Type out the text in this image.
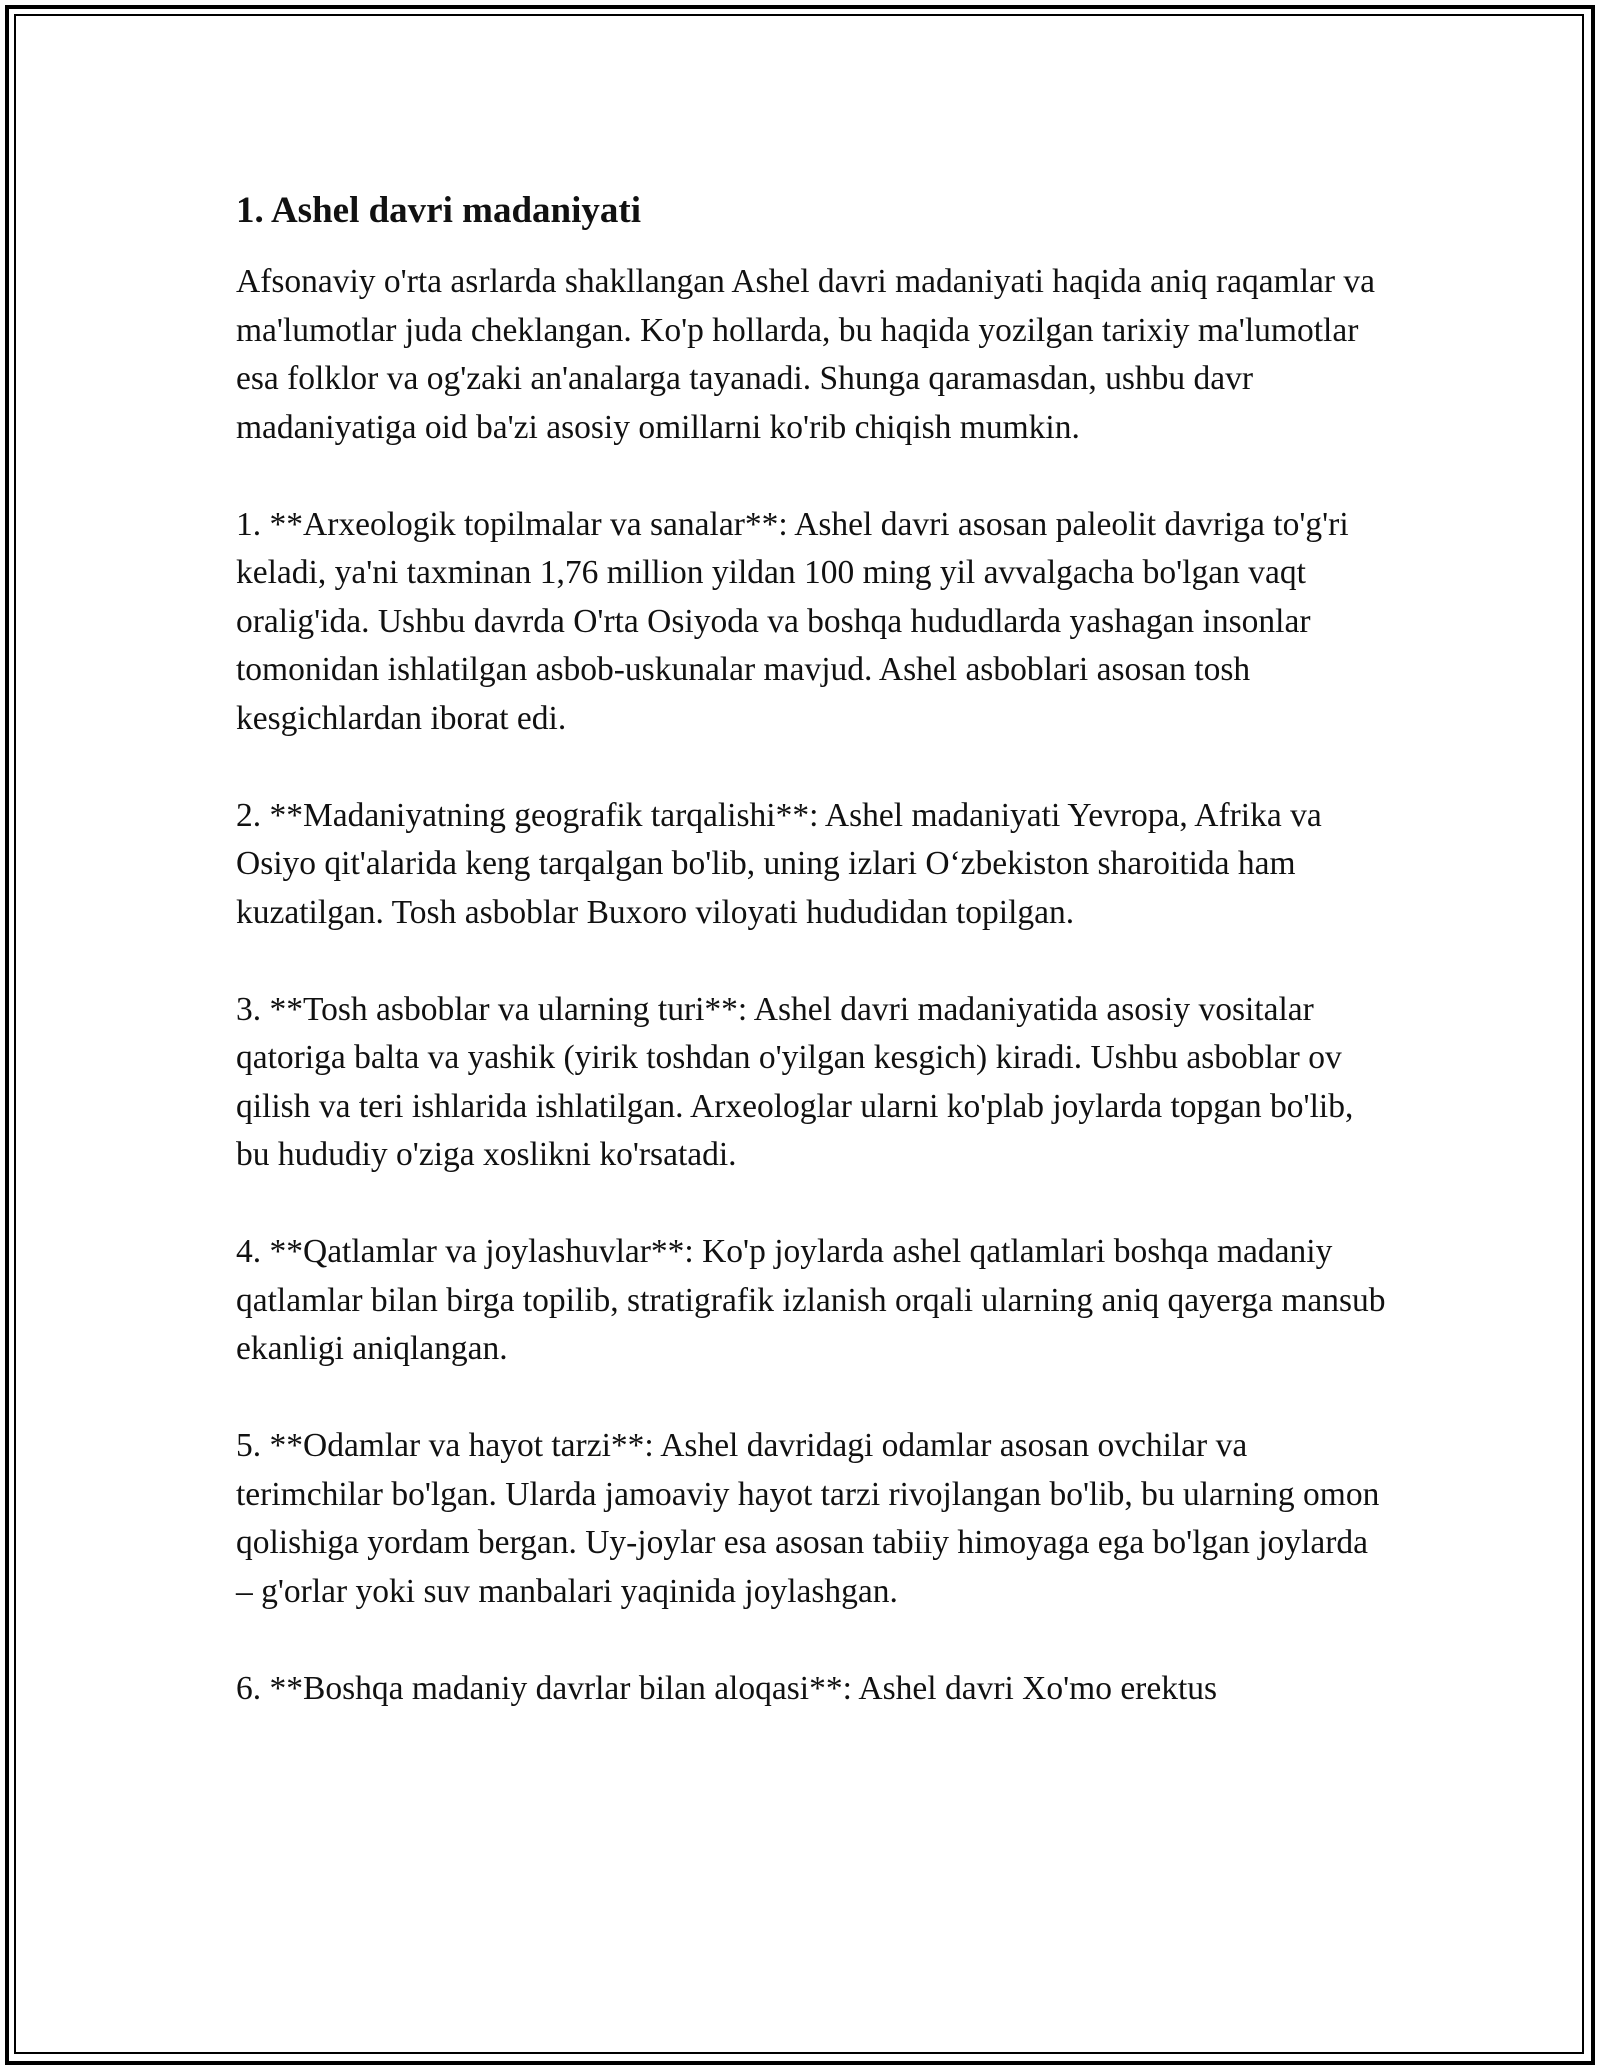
1. Ashel davri madaniyati

Afsonaviy o'rta asrlarda shakllangan Ashel davri madaniyati haqida aniq raqamlar va ma'lumotlar juda cheklangan. Ko'p hollarda, bu haqida yozilgan tarixiy ma'lumotlar esa folklor va og'zaki an'analarga tayanadi. Shunga qaramasdan, ushbu davr madaniyatiga oid ba'zi asosiy omillarni ko'rib chiqish mumkin.

1. **Arxeologik topilmalar va sanalar**: Ashel davri asosan paleolit davriga to'g'ri keladi, ya'ni taxminan 1,76 million yildan 100 ming yil avvalgacha bo'lgan vaqt oralig'ida. Ushbu davrda O'rta Osiyoda va boshqa hududlarda yashagan insonlar tomonidan ishlatilgan asbob-uskunalar mavjud. Ashel asboblari asosan tosh kesgichlardan iborat edi.

2. **Madaniyatning geografik tarqalishi**: Ashel madaniyati Yevropa, Afrika va Osiyo qit'alarida keng tarqalgan bo'lib, uning izlari O‘zbekiston sharoitida ham kuzatilgan. Tosh asboblar Buxoro viloyati hududidan topilgan.

3. **Tosh asboblar va ularning turi**: Ashel davri madaniyatida asosiy vositalar qatoriga balta va yashik (yirik toshdan o'yilgan kesgich) kiradi. Ushbu asboblar ov qilish va teri ishlarida ishlatilgan. Arxeologlar ularni ko'plab joylarda topgan bo'lib, bu hududiy o'ziga xoslikni ko'rsatadi.

4. **Qatlamlar va joylashuvlar**: Ko'p joylarda ashel qatlamlari boshqa madaniy qatlamlar bilan birga topilib, stratigrafik izlanish orqali ularning aniq qayerga mansub ekanligi aniqlangan.

5. **Odamlar va hayot tarzi**: Ashel davridagi odamlar asosan ovchilar va terimchilar bo'lgan. Ularda jamoaviy hayot tarzi rivojlangan bo'lib, bu ularning omon qolishiga yordam bergan. Uy-joylar esa asosan tabiiy himoyaga ega bo'lgan joylarda – g'orlar yoki suv manbalari yaqinida joylashgan.

6. **Boshqa madaniy davrlar bilan aloqasi**: Ashel davri Xo'mo erektus
